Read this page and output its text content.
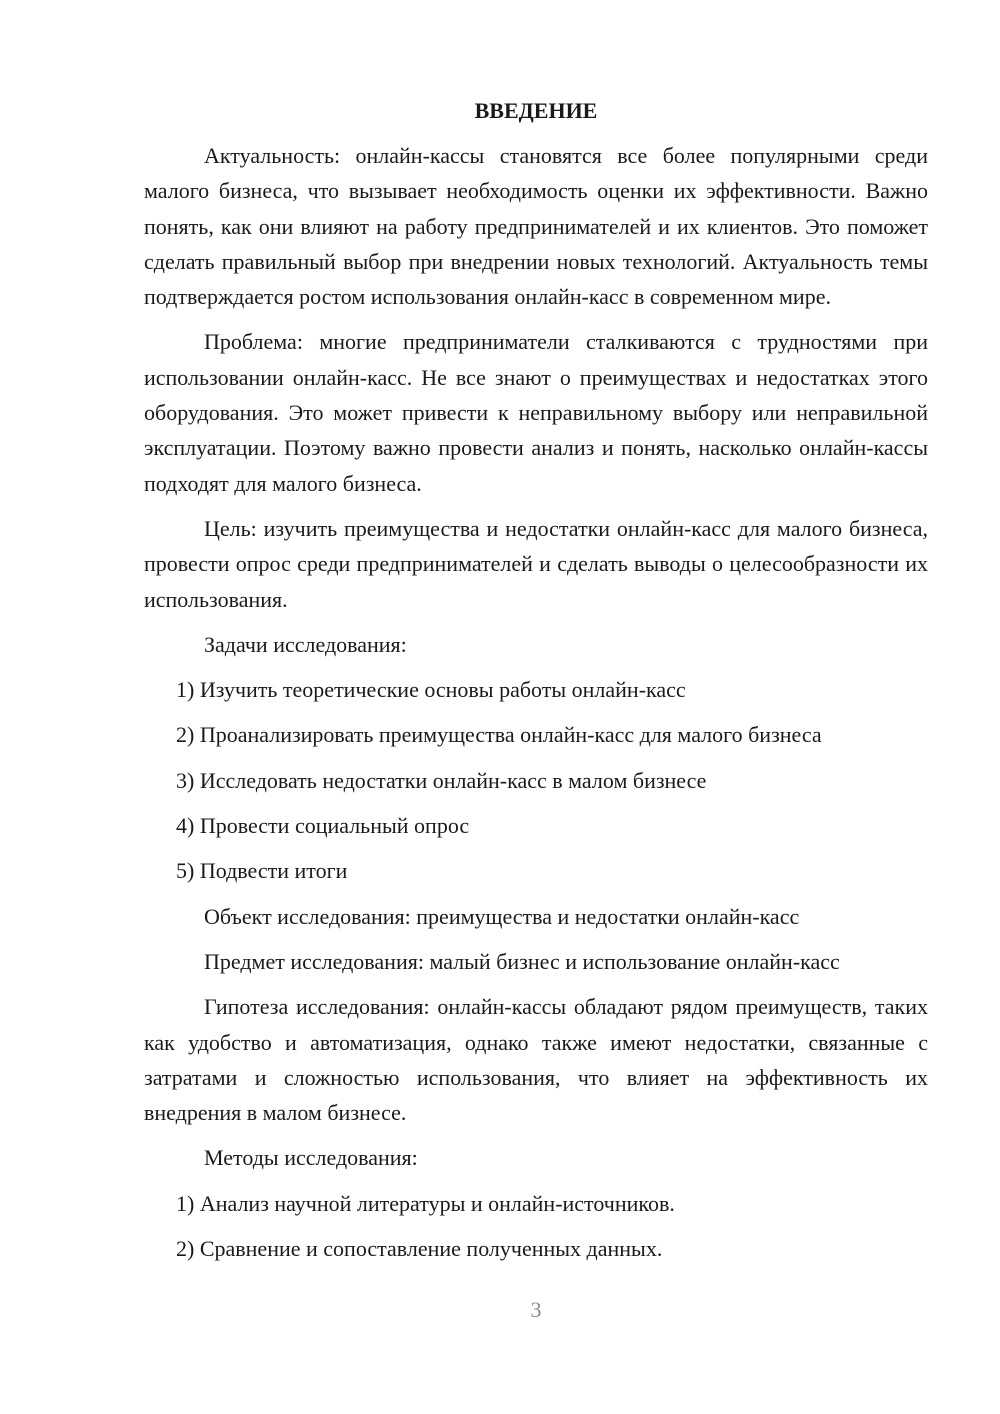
ВВЕДЕНИЕ

Актуальность: онлайн-кассы становятся все более популярными среди малого бизнеса, что вызывает необходимость оценки их эффективности. Важно понять, как они влияют на работу предпринимателей и их клиентов. Это поможет сделать правильный выбор при внедрении новых технологий. Актуальность темы подтверждается ростом использования онлайн-касс в современном мире.

Проблема: многие предприниматели сталкиваются с трудностями при использовании онлайн-касс. Не все знают о преимуществах и недостатках этого оборудования. Это может привести к неправильному выбору или неправильной эксплуатации. Поэтому важно провести анализ и понять, насколько онлайн-кассы подходят для малого бизнеса.

Цель: изучить преимущества и недостатки онлайн-касс для малого бизнеса, провести опрос среди предпринимателей и сделать выводы о целесообразности их использования.

Задачи исследования:
1) Изучить теоретические основы работы онлайн-касс
2) Проанализировать преимущества онлайн-касс для малого бизнеса
3) Исследовать недостатки онлайн-касс в малом бизнесе
4) Провести социальный опрос
5) Подвести итоги
Объект исследования: преимущества и недостатки онлайн-касс
Предмет исследования: малый бизнес и использование онлайн-касс

Гипотеза исследования: онлайн-кассы обладают рядом преимуществ, таких как удобство и автоматизация, однако также имеют недостатки, связанные с затратами и сложностью использования, что влияет на эффективность их внедрения в малом бизнесе.

Методы исследования:
1) Анализ научной литературы и онлайн-источников.
2) Сравнение и сопоставление полученных данных.
3
